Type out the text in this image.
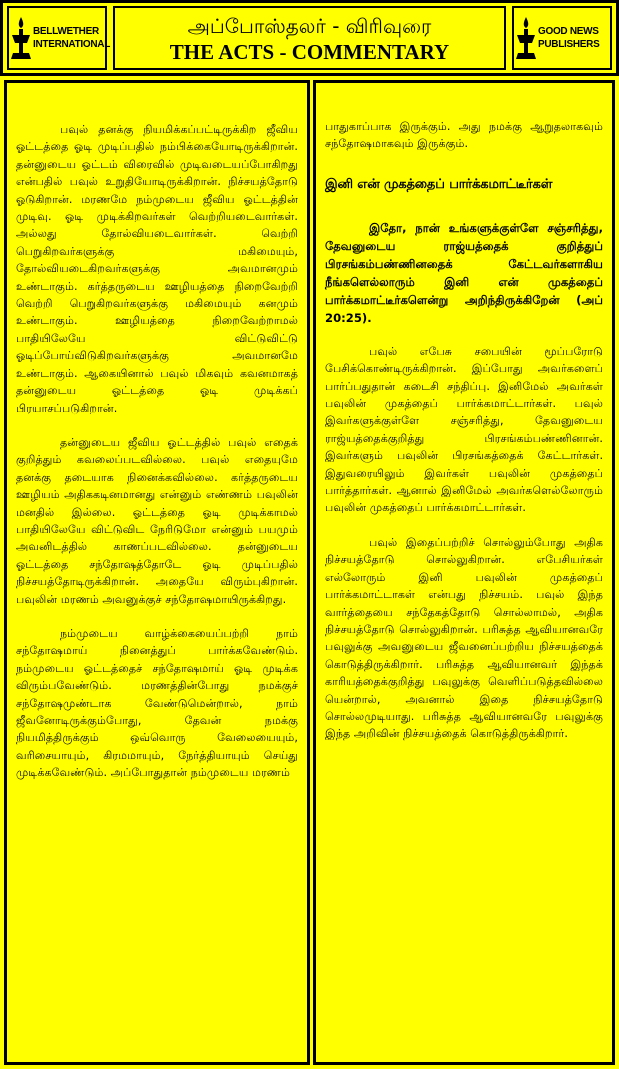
BELLWETHER
INTERNATIONAL
அப்போஸ்தலர் - விரிவுரை
THE ACTS - COMMENTARY
GOOD NEWS
PUBLISHERS

பவுல் தனக்கு நியமிக்கப்பட்டிருக்கிற ஜீவிய ஓட்டத்தை ஓடி முடிப்பதில் நம்பிக்கையோடிருக்கிறான். தன்னுடைய ஓட்டம் விரைவில் முடிவடையப்போகிறது என்பதில் பவுல் உறுதியோடிருக்கிறான். நிச்சயத்தோடு ஓடுகிறான். மரணமே நம்முடைய ஜீவிய ஓட்டத்தின் முடிவு. ஓடி முடிக்கிறவர்கள் வெற்றியடைவார்கள். அல்லது தோல்வியடைவார்கள். வெற்றி பெறுகிறவர்களுக்கு மகிமையும், தோல்வியடைகிறவர்களுக்கு அவமானமும் உண்டாகும். கர்த்தருடைய ஊழியத்தை நிறைவேற்றி வெற்றி பெறுகிறவர்களுக்கு மகிமையும் கனமும் உண்டாகும். ஊழியத்தை நிறைவேற்றாமல் பாதியிலேயே விட்டுவிட்டு ஓடிப்போய்விடுகிறவர்களுக்கு அவமானமே உண்டாகும். ஆகையினால் பவுல் மிகவும் கவனமாகத் தன்னுடைய ஓட்டத்தை ஓடி முடிக்கப் பிரயாசப்படுகிறான்.

தன்னுடைய ஜீவிய ஓட்டத்தில் பவுல் எதைக் குறித்தும் கவலைப்படவில்லை. பவுல் எதையுமே தனக்கு தடையாக நினைக்கவில்லை. கர்த்தருடைய ஊழியம் அதிககடினமானது என்னும் எண்ணம் பவுலின் மனதில் இல்லை. ஓட்டத்தை ஓடி முடிக்காமல் பாதியிலேயே விட்டுவிட நேரிடுமோ என்னும் பயமும் அவனிடத்தில் காணப்படவில்லை. தன்னுடைய ஓட்டத்தை சந்தோஷத்தோடே ஓடி முடிப்பதில் நிச்சயத்தோடிருக்கிறான். அதையே விரும்புகிறான். பவுலின் மரணம் அவனுக்குச் சந்தோஷமாயிருக்கிறது.

நம்முடைய வாழ்க்கையைப்பற்றி நாம் சந்தோஷமாய் நினைத்துப் பார்க்கவேண்டும். நம்முடைய ஓட்டத்தைச் சந்தோஷமாய் ஓடி முடிக்க விரும்பவேண்டும். மரணத்தின்போது நமக்குச் சந்தோஷமுண்டாக வேண்டுமென்றால், நாம் ஜீவனோடிருக்கும்போது, தேவன் நமக்கு நியமித்திருக்கும் ஒவ்வொரு வேலையையும், வரிசையாயும், கிரமமாயும், நேர்த்தியாயும் செய்து முடிக்கவேண்டும். அப்போதுதான் நம்முடைய மரணம்

பாதுகாப்பாக இருக்கும். அது நமக்கு ஆறுதலாகவும் சந்தோஷமாகவும் இருக்கும்.

இனி என் முகத்தைப் பார்க்கமாட்டீர்கள்

இதோ, நான் உங்களுக்குள்ளே சஞ்சரித்து, தேவனுடைய ராஜ்யத்தைக் குறித்துப் பிரசங்கம்பண்ணினதைக் கேட்டவர்களாகிய நீங்களெல்லாரும் இனி என் முகத்தைப் பார்க்கமாட்டீர்களென்று அறிந்திருக்கிறேன் (அப் 20:25).

பவுல் எபேசு சபையின் மூப்பரோடு பேசிக்கொண்டிருக்கிறான். இப்போது அவர்களைப் பார்ப்பதுதான் கடைசி சந்திப்பு. இனிமேல் அவர்கள் பவுலின் முகத்தைப் பார்க்கமாட்டார்கள். பவுல் இவர்களுக்குள்ளே சஞ்சரித்து, தேவனுடைய ராஜ்யத்தைக்குறித்து பிரசங்கம்பண்ணினான். இவர்களும் பவுலின் பிரசங்கத்தைக் கேட்டார்கள். இதுவரையிலும் இவர்கள் பவுலின் முகத்தைப் பார்த்தார்கள். ஆனால் இனிமேல் அவர்களெல்லோரும் பவுலின் முகத்தைப் பார்க்கமாட்டார்கள்.

பவுல் இதைப்பற்றிச் சொல்லும்போது அதிக நிச்சயத்தோடு சொல்லுகிறான். எபேசியர்கள் எல்லோரும் இனி பவுலின் முகத்தைப் பார்க்கமாட்டாகள் என்பது நிச்சயம். பவுல் இந்த வார்த்தையை சந்தேகத்தோடு சொல்லாமல், அதிக நிச்சயத்தோடு சொல்லுகிறான். பரிசுத்த ஆவியானவரே பவுலுக்கு அவனுடைய ஜீவனைப்பற்றிய நிச்சயத்தைக் கொடுத்திருக்கிறார். பரிசுத்த ஆவியானவர் இந்தக் காரியத்தைக்குறித்து பவுலுக்கு வெளிப்படுத்தவில்லை யென்றால், அவனால் இதை நிச்சயத்தோடு சொல்லமுடியாது. பரிசுத்த ஆவியானவரே பவுலுக்கு இந்த அறிவின் நிச்சயத்தைக் கொடுத்திருக்கிறார்.
